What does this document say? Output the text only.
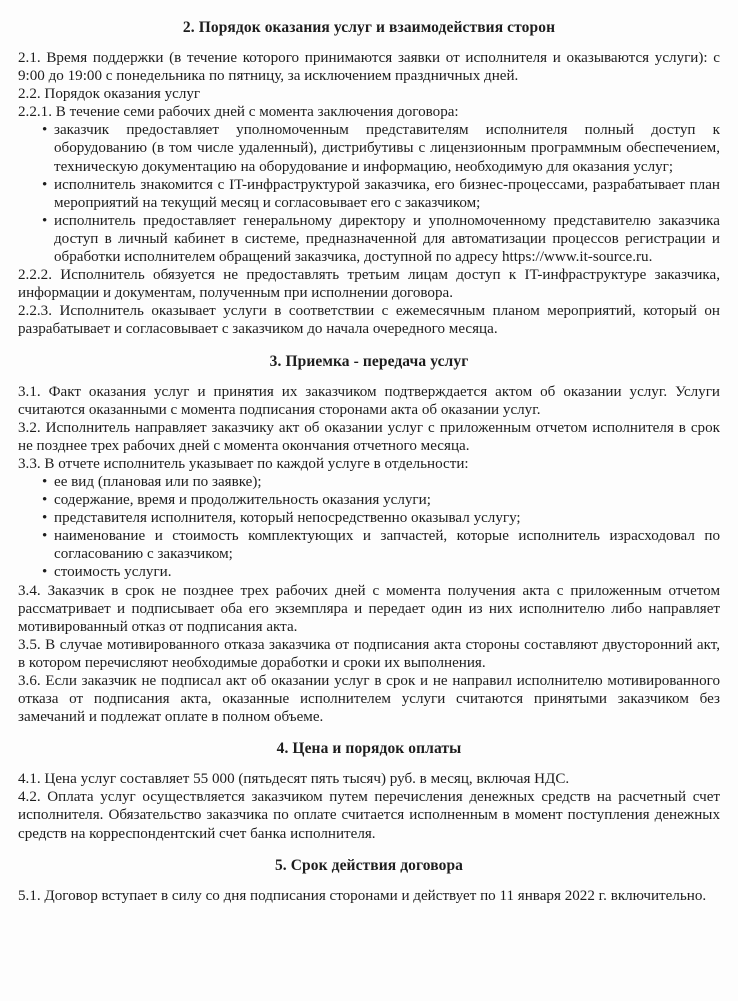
2. Порядок оказания услуг и взаимодействия сторон

2.1. Время поддержки (в течение которого принимаются заявки от исполнителя и оказываются услуги): с 9:00 до 19:00 с понедельника по пятницу, за исключением праздничных дней.

2.2. Порядок оказания услуг

2.2.1. В течение семи рабочих дней с момента заключения договора:

• заказчик предоставляет уполномоченным представителям исполнителя полный доступ к оборудованию (в том числе удаленный), дистрибутивы с лицензионным программным обеспечением, техническую документацию на оборудование и информацию, необходимую для оказания услуг;
• исполнитель знакомится с IT-инфраструктурой заказчика, его бизнес-процессами, разрабатывает план мероприятий на текущий месяц и согласовывает его с заказчиком;
• исполнитель предоставляет генеральному директору и уполномоченному представителю заказчика доступ в личный кабинет в системе, предназначенной для автоматизации процессов регистрации и обработки исполнителем обращений заказчика, доступной по адресу https://www.it-source.ru.

2.2.2. Исполнитель обязуется не предоставлять третьим лицам доступ к IT-инфраструктуре заказчика, информации и документам, полученным при исполнении договора.

2.2.3. Исполнитель оказывает услуги в соответствии с ежемесячным планом мероприятий, который он разрабатывает и согласовывает с заказчиком до начала очередного месяца.

3. Приемка - передача услуг

3.1. Факт оказания услуг и принятия их заказчиком подтверждается актом об оказании услуг. Услуги считаются оказанными с момента подписания сторонами акта об оказании услуг.

3.2. Исполнитель направляет заказчику акт об оказании услуг с приложенным отчетом исполнителя в срок не позднее трех рабочих дней с момента окончания отчетного месяца.

3.3. В отчете исполнитель указывает по каждой услуге в отдельности:

• ее вид (плановая или по заявке);
• содержание, время и продолжительность оказания услуги;
• представителя исполнителя, который непосредственно оказывал услугу;
• наименование и стоимость комплектующих и запчастей, которые исполнитель израсходовал по согласованию с заказчиком;
• стоимость услуги.

3.4. Заказчик в срок не позднее трех рабочих дней с момента получения акта с приложенным отчетом рассматривает и подписывает оба его экземпляра и передает один из них исполнителю либо направляет мотивированный отказ от подписания акта.

3.5. В случае мотивированного отказа заказчика от подписания акта стороны составляют двусторонний акт, в котором перечисляют необходимые доработки и сроки их выполнения.

3.6. Если заказчик не подписал акт об оказании услуг в срок и не направил исполнителю мотивированного отказа от подписания акта, оказанные исполнителем услуги считаются принятыми заказчиком без замечаний и подлежат оплате в полном объеме.

4. Цена и порядок оплаты

4.1. Цена услуг составляет 55 000 (пятьдесят пять тысяч) руб. в месяц, включая НДС.

4.2. Оплата услуг осуществляется заказчиком путем перечисления денежных средств на расчетный счет исполнителя. Обязательство заказчика по оплате считается исполненным в момент поступления денежных средств на корреспондентский счет банка исполнителя.

5. Срок действия договора

5.1. Договор вступает в силу со дня подписания сторонами и действует по 11 января 2022 г. включительно.
